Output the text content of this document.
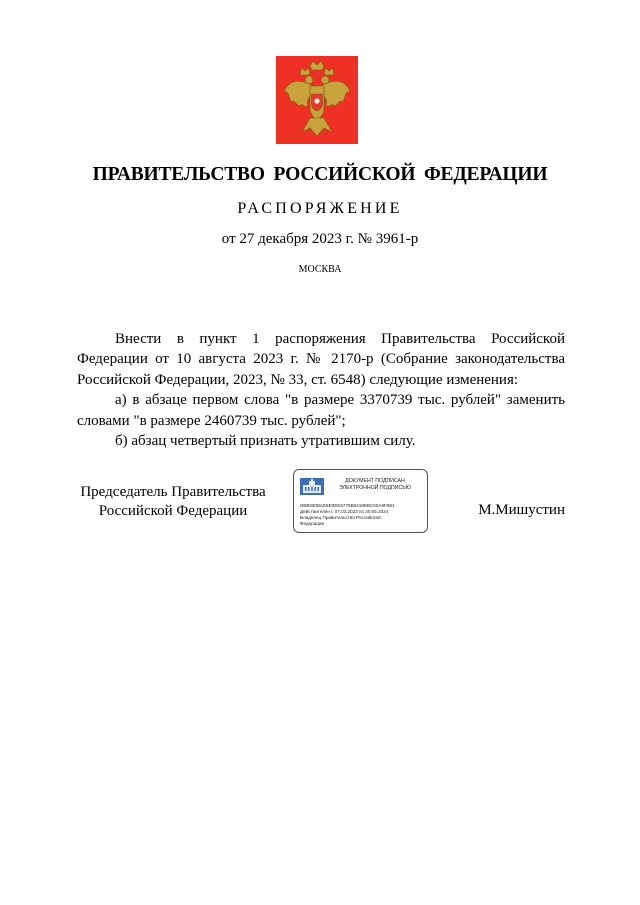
ПРАВИТЕЛЬСТВО РОССИЙСКОЙ ФЕДЕРАЦИИ
РАСПОРЯЖЕНИЕ
от 27 декабря 2023 г. № 3961-р
МОСКВА

Внести в пункт 1 распоряжения Правительства Российской Федерации от 10 августа 2023 г. № 2170-р (Собрание законодательства Российской Федерации, 2023, № 33, ст. 6548) следующие изменения:

а) в абзаце первом слова "в размере 3370739 тыс. рублей" заменить словами "в размере 2460739 тыс. рублей";

б) абзац четвертый признать утратившим силу.

Председатель Правительства
Российской Федерации
ДОКУМЕНТ ПОДПИСАН
ЭЛЕКТРОННОЙ ПОДПИСЬЮ
00BEB0BAE8E0EE5775B6219EBC60A9F691
Действителен с 07.03.2023 по 30.05.2024
Владелец Правительство Российской
Федерации
М.Мишустин
